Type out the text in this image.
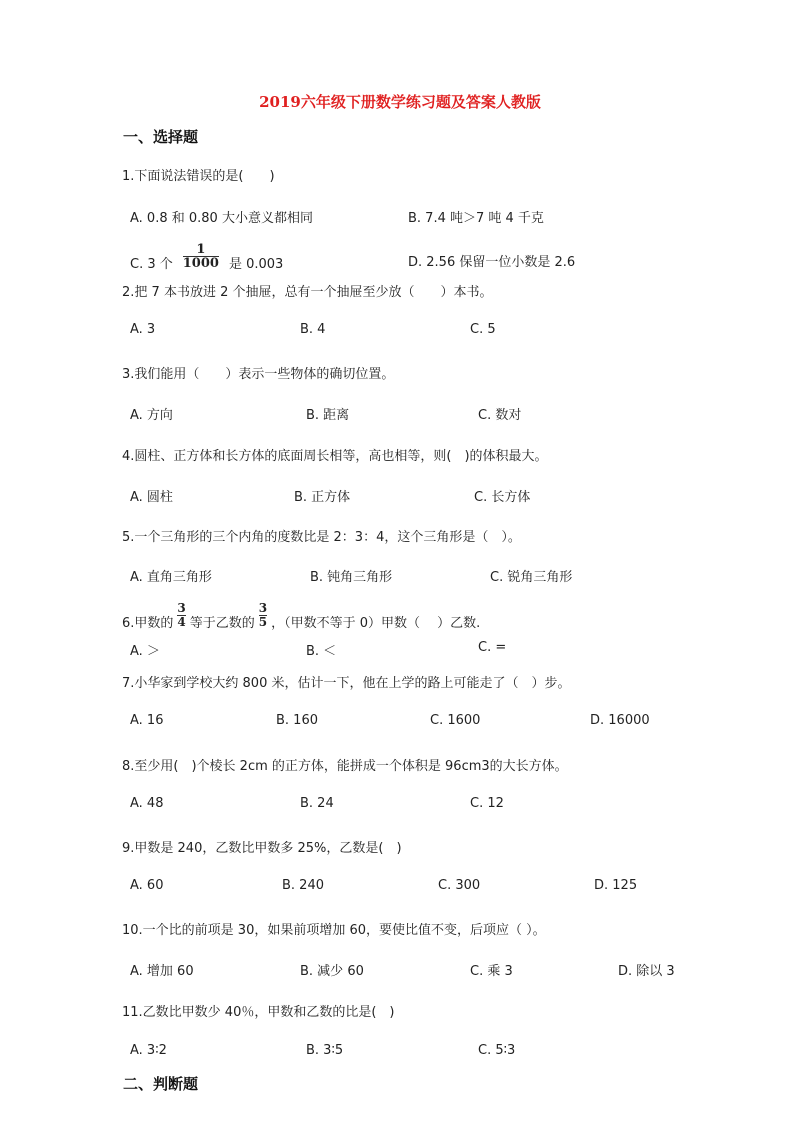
2019六年级下册数学练习题及答案人教版
一、选择题
1.下面说法错误的是(　　)
A. 0.8 和 0.80 大小意义都相同	B. 7.4 吨＞7 吨 4 千克
C. 3 个 $\frac{1}{1000}$ 是 0.003	D. 2.56 保留一位小数是 2.6
2.把 7 本书放进 2 个抽屉，总有一个抽屉至少放（　　）本书。
A. 3	B. 4	C. 5
3.我们能用（　　）表示一些物体的确切位置。
A. 方向	B. 距离	C. 数对
4.圆柱、正方体和长方体的底面周长相等，高也相等，则(　)的体积最大。
A. 圆柱	B. 正方体	C. 长方体
5.一个三角形的三个内角的度数比是 2：3：4，这个三角形是（　）。
A. 直角三角形	B. 钝角三角形	C. 锐角三角形
6.甲数的 $\frac{3}{4}$ 等于乙数的 $\frac{3}{5}$ ，（甲数不等于 0）甲数（　 ）乙数.
A. ＞	B. ＜	C. =
7.小华家到学校大约 800 米，估计一下，他在上学的路上可能走了（　）步。
A. 16	B. 160	C. 1600	D. 16000
8.至少用(　)个棱长 2cm 的正方体，能拼成一个体积是 96cm3的大长方体。
A. 48	B. 24	C. 12
9.甲数是 240，乙数比甲数多 25%，乙数是(　)
A. 60	B. 240	C. 300	D. 125
10.一个比的前项是 30，如果前项增加 60，要使比值不变，后项应（ ）。
A. 增加 60	B. 减少 60	C. 乘 3	D. 除以 3
11.乙数比甲数少 40％，甲数和乙数的比是(　)
A. 3∶2	B. 3∶5	C. 5∶3
二、判断题
